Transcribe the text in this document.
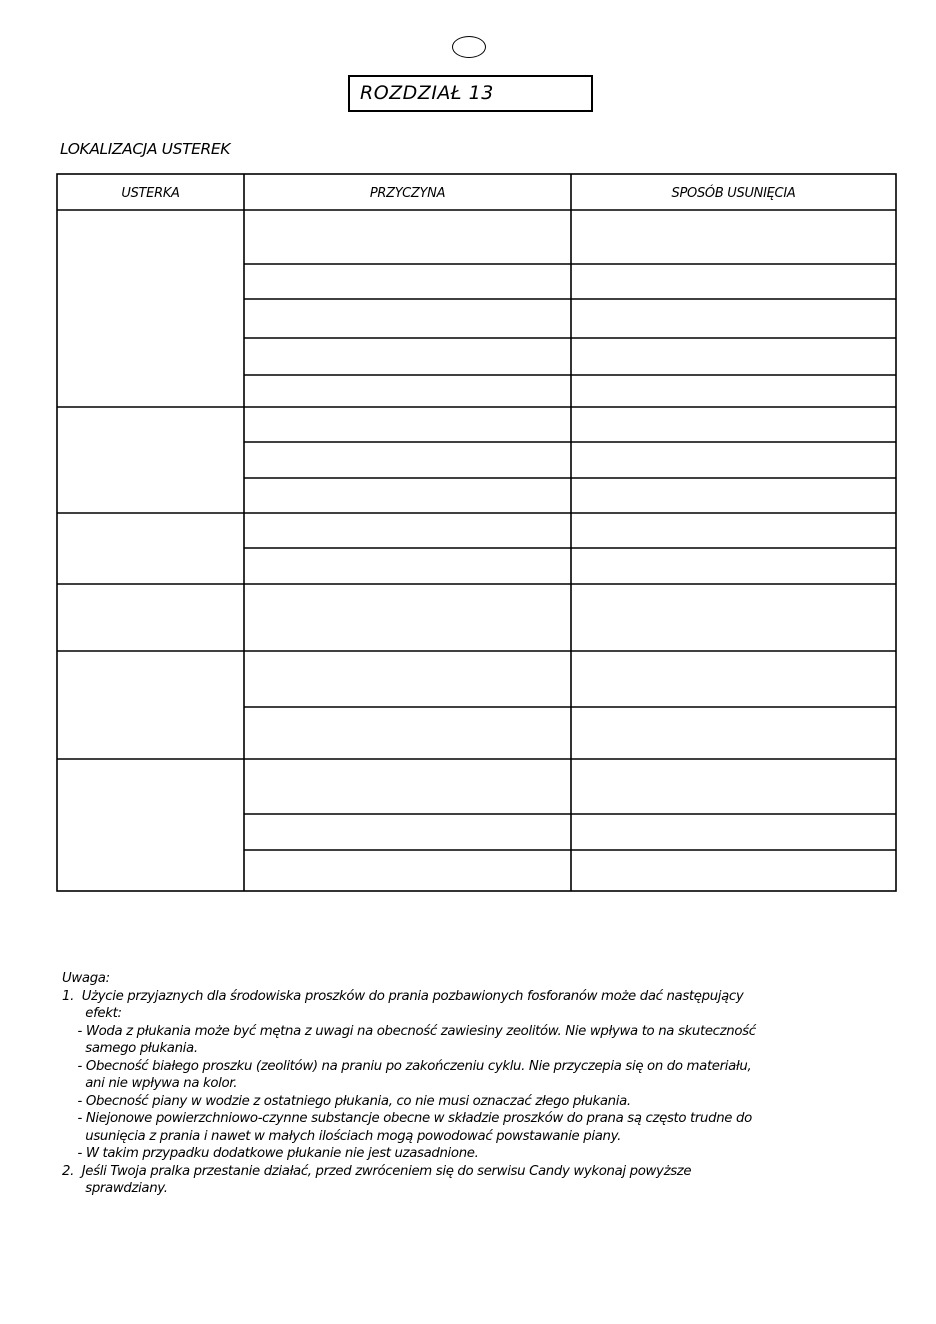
ROZDZIAŁ 13
LOKALIZACJA USTEREK
USTERKA	PRZYCZYNA	SPOSÓB USUNIĘCIA
Uwaga:
1.  Użycie przyjaznych dla środowiska proszków do prania pozbawionych fosforanów może dać następujący
efekt:
- Woda z płukania może być mętna z uwagi na obecność zawiesiny zeolitów. Nie wpływa to na skuteczność
samego płukania.
- Obecność białego proszku (zeolitów) na praniu po zakończeniu cyklu. Nie przyczepia się on do materiału,
ani nie wpływa na kolor.
- Obecność piany w wodzie z ostatniego płukania, co nie musi oznaczać złego płukania.
- Niejonowe powierzchniowo-czynne substancje obecne w składzie proszków do prana są często trudne do
usunięcia z prania i nawet w małych ilościach mogą powodować powstawanie piany.
- W takim przypadku dodatkowe płukanie nie jest uzasadnione.
2.  Jeśli Twoja pralka przestanie działać, przed zwróceniem się do serwisu Candy wykonaj powyższe
sprawdziany.
